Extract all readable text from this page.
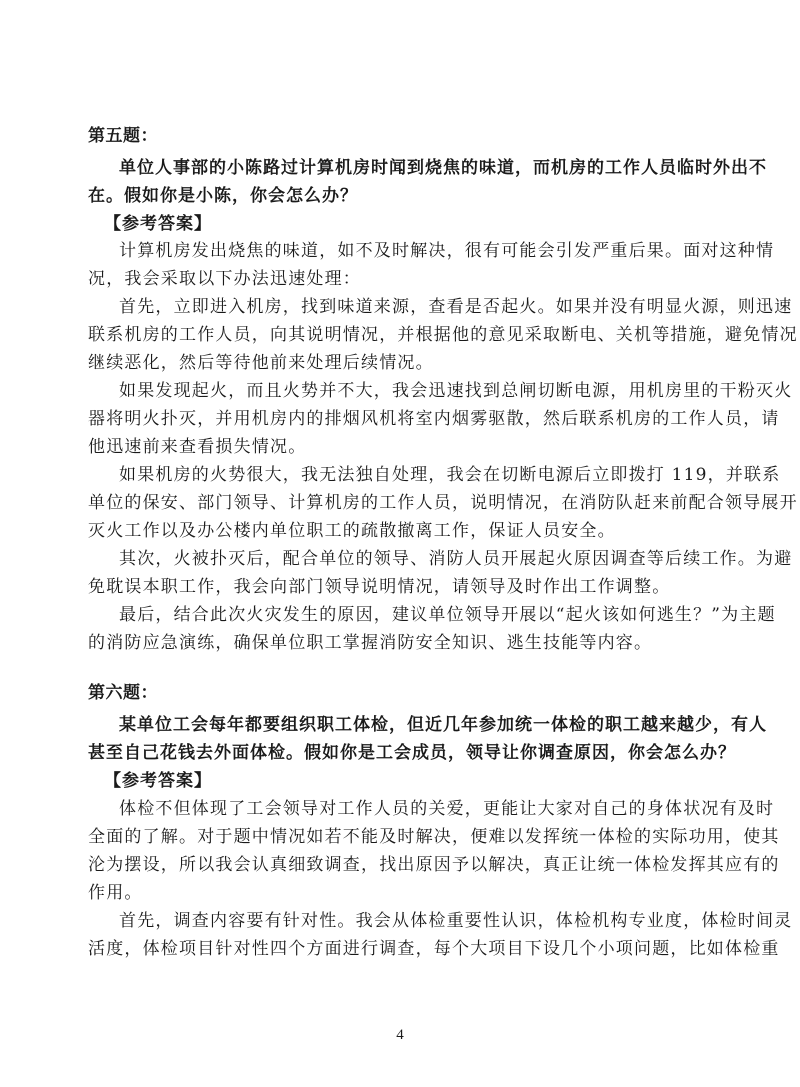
第五题：
单位人事部的小陈路过计算机房时闻到烧焦的味道，而机房的工作人员临时外出不
在。假如你是小陈，你会怎么办？
【参考答案】
计算机房发出烧焦的味道，如不及时解决，很有可能会引发严重后果。面对这种情
况，我会采取以下办法迅速处理：
首先，立即进入机房，找到味道来源，查看是否起火。如果并没有明显火源，则迅速
联系机房的工作人员，向其说明情况，并根据他的意见采取断电、关机等措施，避免情况
继续恶化，然后等待他前来处理后续情况。
如果发现起火，而且火势并不大，我会迅速找到总闸切断电源，用机房里的干粉灭火
器将明火扑灭，并用机房内的排烟风机将室内烟雾驱散，然后联系机房的工作人员，请
他迅速前来查看损失情况。
如果机房的火势很大，我无法独自处理，我会在切断电源后立即拨打 119，并联系
单位的保安、部门领导、计算机房的工作人员，说明情况，在消防队赶来前配合领导展开
灭火工作以及办公楼内单位职工的疏散撤离工作，保证人员安全。
其次，火被扑灭后，配合单位的领导、消防人员开展起火原因调查等后续工作。为避
免耽误本职工作，我会向部门领导说明情况，请领导及时作出工作调整。
最后，结合此次火灾发生的原因，建议单位领导开展以“起火该如何逃生？”为主题
的消防应急演练，确保单位职工掌握消防安全知识、逃生技能等内容。
第六题：
某单位工会每年都要组织职工体检，但近几年参加统一体检的职工越来越少，有人
甚至自己花钱去外面体检。假如你是工会成员，领导让你调查原因，你会怎么办？
【参考答案】
体检不但体现了工会领导对工作人员的关爱，更能让大家对自己的身体状况有及时
全面的了解。对于题中情况如若不能及时解决，便难以发挥统一体检的实际功用，使其
沦为摆设，所以我会认真细致调查，找出原因予以解决，真正让统一体检发挥其应有的
作用。
首先，调查内容要有针对性。我会从体检重要性认识，体检机构专业度，体检时间灵
活度，体检项目针对性四个方面进行调查，每个大项目下设几个小项问题，比如体检重
4
